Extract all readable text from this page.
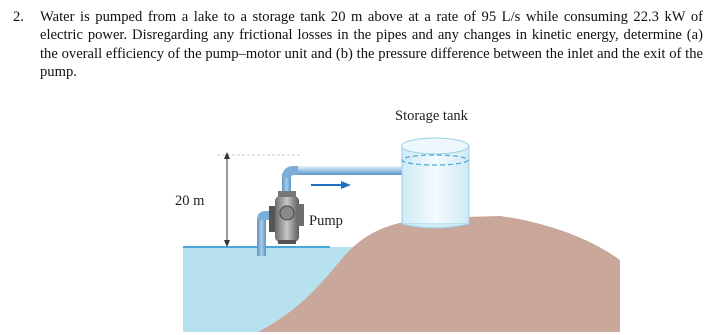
2. Water is pumped from a lake to a storage tank 20 m above at a rate of 95 L/s while consuming 22.3 kW of electric power. Disregarding any frictional losses in the pipes and any changes in kinetic energy, determine (a) the overall efficiency of the pump–motor unit and (b) the pressure difference between the inlet and the exit of the pump.
20 m
Pump
Storage tank
